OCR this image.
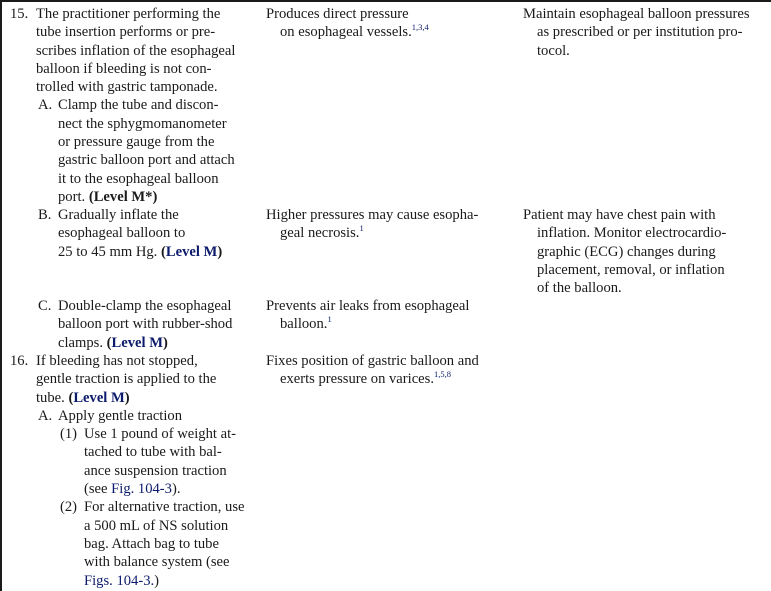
15. The practitioner performing the
tube insertion performs or pre-
scribes inflation of the esophageal
balloon if bleeding is not con-
trolled with gastric tamponade.
A. Clamp the tube and discon-
nect the sphygmomanometer
or pressure gauge from the
gastric balloon port and attach
it to the esophageal balloon
port. (Level M*)
Produces direct pressure
on esophageal vessels.$^{1,3,4}$
Maintain esophageal balloon pressures
as prescribed or per institution pro-
tocol.
B. Gradually inflate the
esophageal balloon to
25 to 45 mm Hg. (Level M)
Higher pressures may cause esopha-
geal necrosis.$^1$
Patient may have chest pain with
inflation. Monitor electrocardio-
graphic (ECG) changes during
placement, removal, or inflation
of the balloon.
C. Double-clamp the esophageal
balloon port with rubber-shod
clamps. (Level M)
Prevents air leaks from esophageal
balloon.$^1$
16. If bleeding has not stopped,
gentle traction is applied to the
tube. (Level M)
A. Apply gentle traction
(1) Use 1 pound of weight at-
tached to tube with bal-
ance suspension traction
(see Fig. 104-3).
(2) For alternative traction, use
a 500 mL of NS solution
bag. Attach bag to tube
with balance system (see
Figs. 104-3.)
Fixes position of gastric balloon and
exerts pressure on varices.$^{1,5,8}$
